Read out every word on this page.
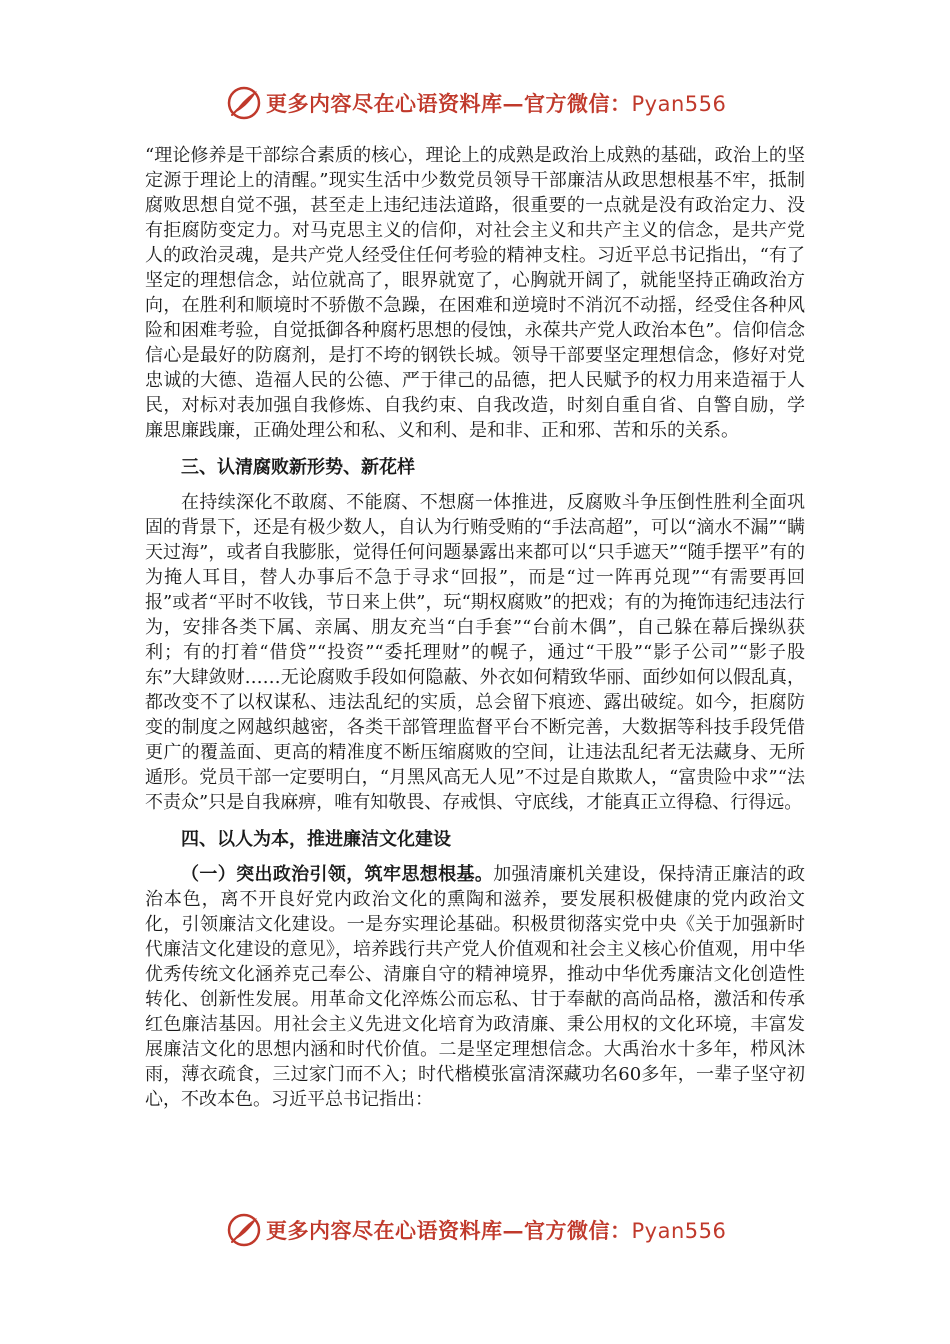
更多内容尽在心语资料库—官方微信：Pyan556

“理论修养是干部综合素质的核心，理论上的成熟是政治上成熟的基础，政治上的坚定源于理论上的清醒。”现实生活中少数党员领导干部廉洁从政思想根基不牢，抵制腐败思想自觉不强，甚至走上违纪违法道路，很重要的一点就是没有政治定力、没有拒腐防变定力。对马克思主义的信仰，对社会主义和共产主义的信念，是共产党人的政治灵魂，是共产党人经受住任何考验的精神支柱。习近平总书记指出，“有了坚定的理想信念，站位就高了，眼界就宽了，心胸就开阔了，就能坚持正确政治方向，在胜利和顺境时不骄傲不急躁，在困难和逆境时不消沉不动摇，经受住各种风险和困难考验，自觉抵御各种腐朽思想的侵蚀，永葆共产党人政治本色”。信仰信念信心是最好的防腐剂，是打不垮的钢铁长城。领导干部要坚定理想信念，修好对党忠诚的大德、造福人民的公德、严于律己的品德，把人民赋予的权力用来造福于人民，对标对表加强自我修炼、自我约束、自我改造，时刻自重自省、自警自励，学廉思廉践廉，正确处理公和私、义和利、是和非、正和邪、苦和乐的关系。

三、认清腐败新形势、新花样

在持续深化不敢腐、不能腐、不想腐一体推进，反腐败斗争压倒性胜利全面巩固的背景下，还是有极少数人，自认为行贿受贿的“手法高超”，可以“滴水不漏”“瞒天过海”，或者自我膨胀，觉得任何问题暴露出来都可以“只手遮天”“随手摆平”有的为掩人耳目，替人办事后不急于寻求“回报”，而是“过一阵再兑现”“有需要再回报”或者“平时不收钱，节日来上供”，玩“期权腐败”的把戏；有的为掩饰违纪违法行为，安排各类下属、亲属、朋友充当“白手套”“台前木偶”，自己躲在幕后操纵获利；有的打着“借贷”“投资”“委托理财”的幌子，通过“干股”“影子公司”“影子股东”大肆敛财……无论腐败手段如何隐蔽、外衣如何精致华丽、面纱如何以假乱真，都改变不了以权谋私、违法乱纪的实质，总会留下痕迹、露出破绽。如今，拒腐防变的制度之网越织越密，各类干部管理监督平台不断完善，大数据等科技手段凭借更广的覆盖面、更高的精准度不断压缩腐败的空间，让违法乱纪者无法藏身、无所遁形。党员干部一定要明白，“月黑风高无人见”不过是自欺欺人，“富贵险中求”“法不责众”只是自我麻痹，唯有知敬畏、存戒惧、守底线，才能真正立得稳、行得远。

四、以人为本，推进廉洁文化建设

（一）突出政治引领，筑牢思想根基。加强清廉机关建设，保持清正廉洁的政治本色，离不开良好党内政治文化的熏陶和滋养，要发展积极健康的党内政治文化，引领廉洁文化建设。一是夯实理论基础。积极贯彻落实党中央《关于加强新时代廉洁文化建设的意见》，培养践行共产党人价值观和社会主义核心价值观，用中华优秀传统文化涵养克己奉公、清廉自守的精神境界，推动中华优秀廉洁文化创造性转化、创新性发展。用革命文化淬炼公而忘私、甘于奉献的高尚品格，激活和传承红色廉洁基因。用社会主义先进文化培育为政清廉、秉公用权的文化环境，丰富发展廉洁文化的思想内涵和时代价值。二是坚定理想信念。大禹治水十多年，栉风沐雨，薄衣疏食，三过家门而不入；时代楷模张富清深藏功名60多年，一辈子坚守初心，不改本色。习近平总书记指出：

更多内容尽在心语资料库—官方微信：Pyan556
